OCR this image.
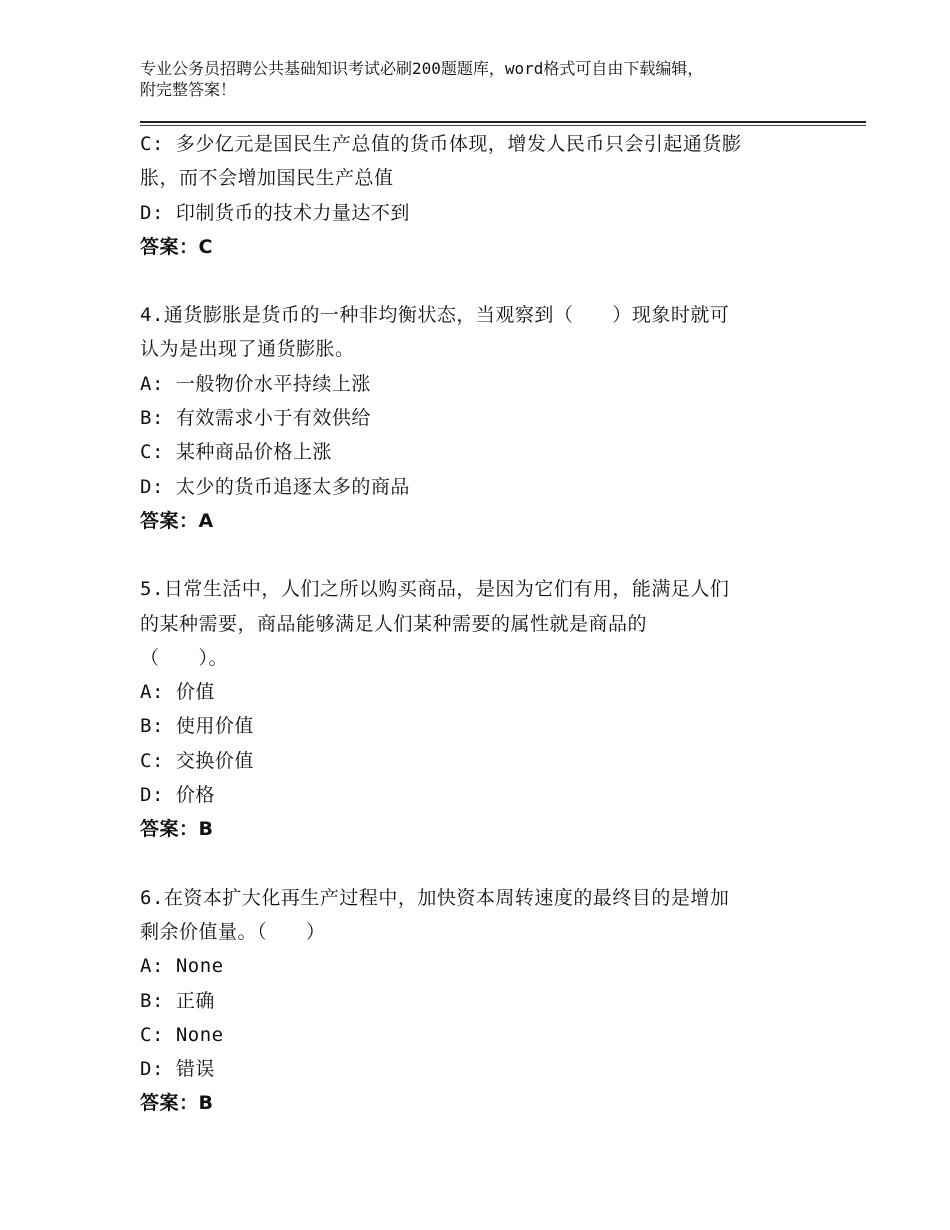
专业公务员招聘公共基础知识考试必刷200题题库，word格式可自由下载编辑，
附完整答案！
C: 多少亿元是国民生产总值的货币体现，增发人民币只会引起通货膨
胀，而不会增加国民生产总值
D: 印制货币的技术力量达不到
答案：C
4.通货膨胀是货币的一种非均衡状态，当观察到（　　）现象时就可
认为是出现了通货膨胀。
A: 一般物价水平持续上涨
B: 有效需求小于有效供给
C: 某种商品价格上涨
D: 太少的货币追逐太多的商品
答案：A
5.日常生活中，人们之所以购买商品，是因为它们有用，能满足人们
的某种需要，商品能够满足人们某种需要的属性就是商品的
（　　）。
A: 价值
B: 使用价值
C: 交换价值
D: 价格
答案：B
6.在资本扩大化再生产过程中，加快资本周转速度的最终目的是增加
剩余价值量。（　　）
A: None
B: 正确
C: None
D: 错误
答案：B
